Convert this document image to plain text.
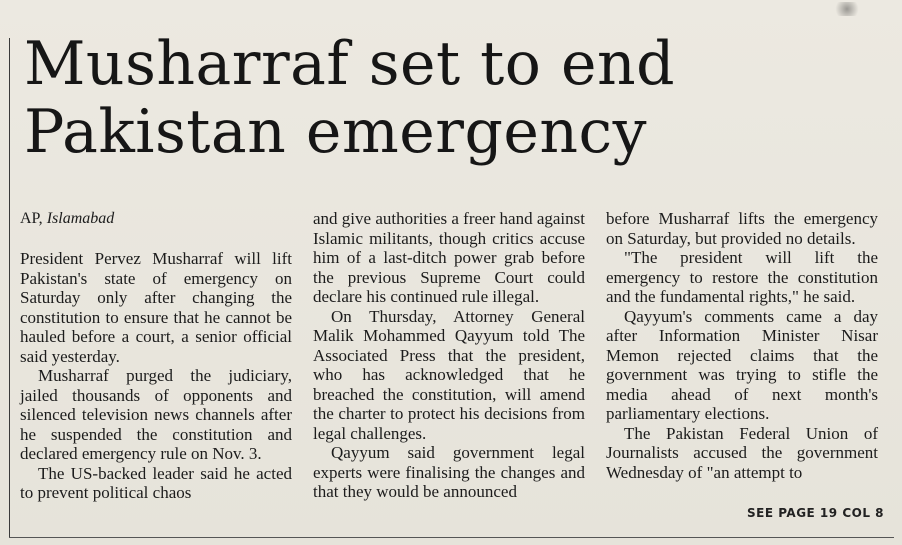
Musharraf set to end
Pakistan emergency
AP, Islamabad

President Pervez Musharraf will lift Pakistan's state of emergency on Saturday only after changing the constitution to ensure that he cannot be hauled before a court, a senior official said yesterday.

Musharraf purged the judiciary, jailed thousands of opponents and silenced television news channels after he suspended the constitution and declared emergency rule on Nov. 3.

The US-backed leader said he acted to prevent political chaos

and give authorities a freer hand against Islamic militants, though critics accuse him of a last-ditch power grab before the previous Supreme Court could declare his continued rule illegal.

On Thursday, Attorney General Malik Mohammed Qayyum told The Associated Press that the president, who has acknowledged that he breached the constitution, will amend the charter to protect his decisions from legal challenges.

Qayyum said government legal experts were finalising the changes and that they would be announced

before Musharraf lifts the emergency on Saturday, but provided no details.

"The president will lift the emergency to restore the constitution and the fundamental rights," he said.

Qayyum's comments came a day after Information Minister Nisar Memon rejected claims that the government was trying to stifle the media ahead of next month's parliamentary elections.

The Pakistan Federal Union of Journalists accused the government Wednesday of "an attempt to

SEE PAGE 19 COL 8
